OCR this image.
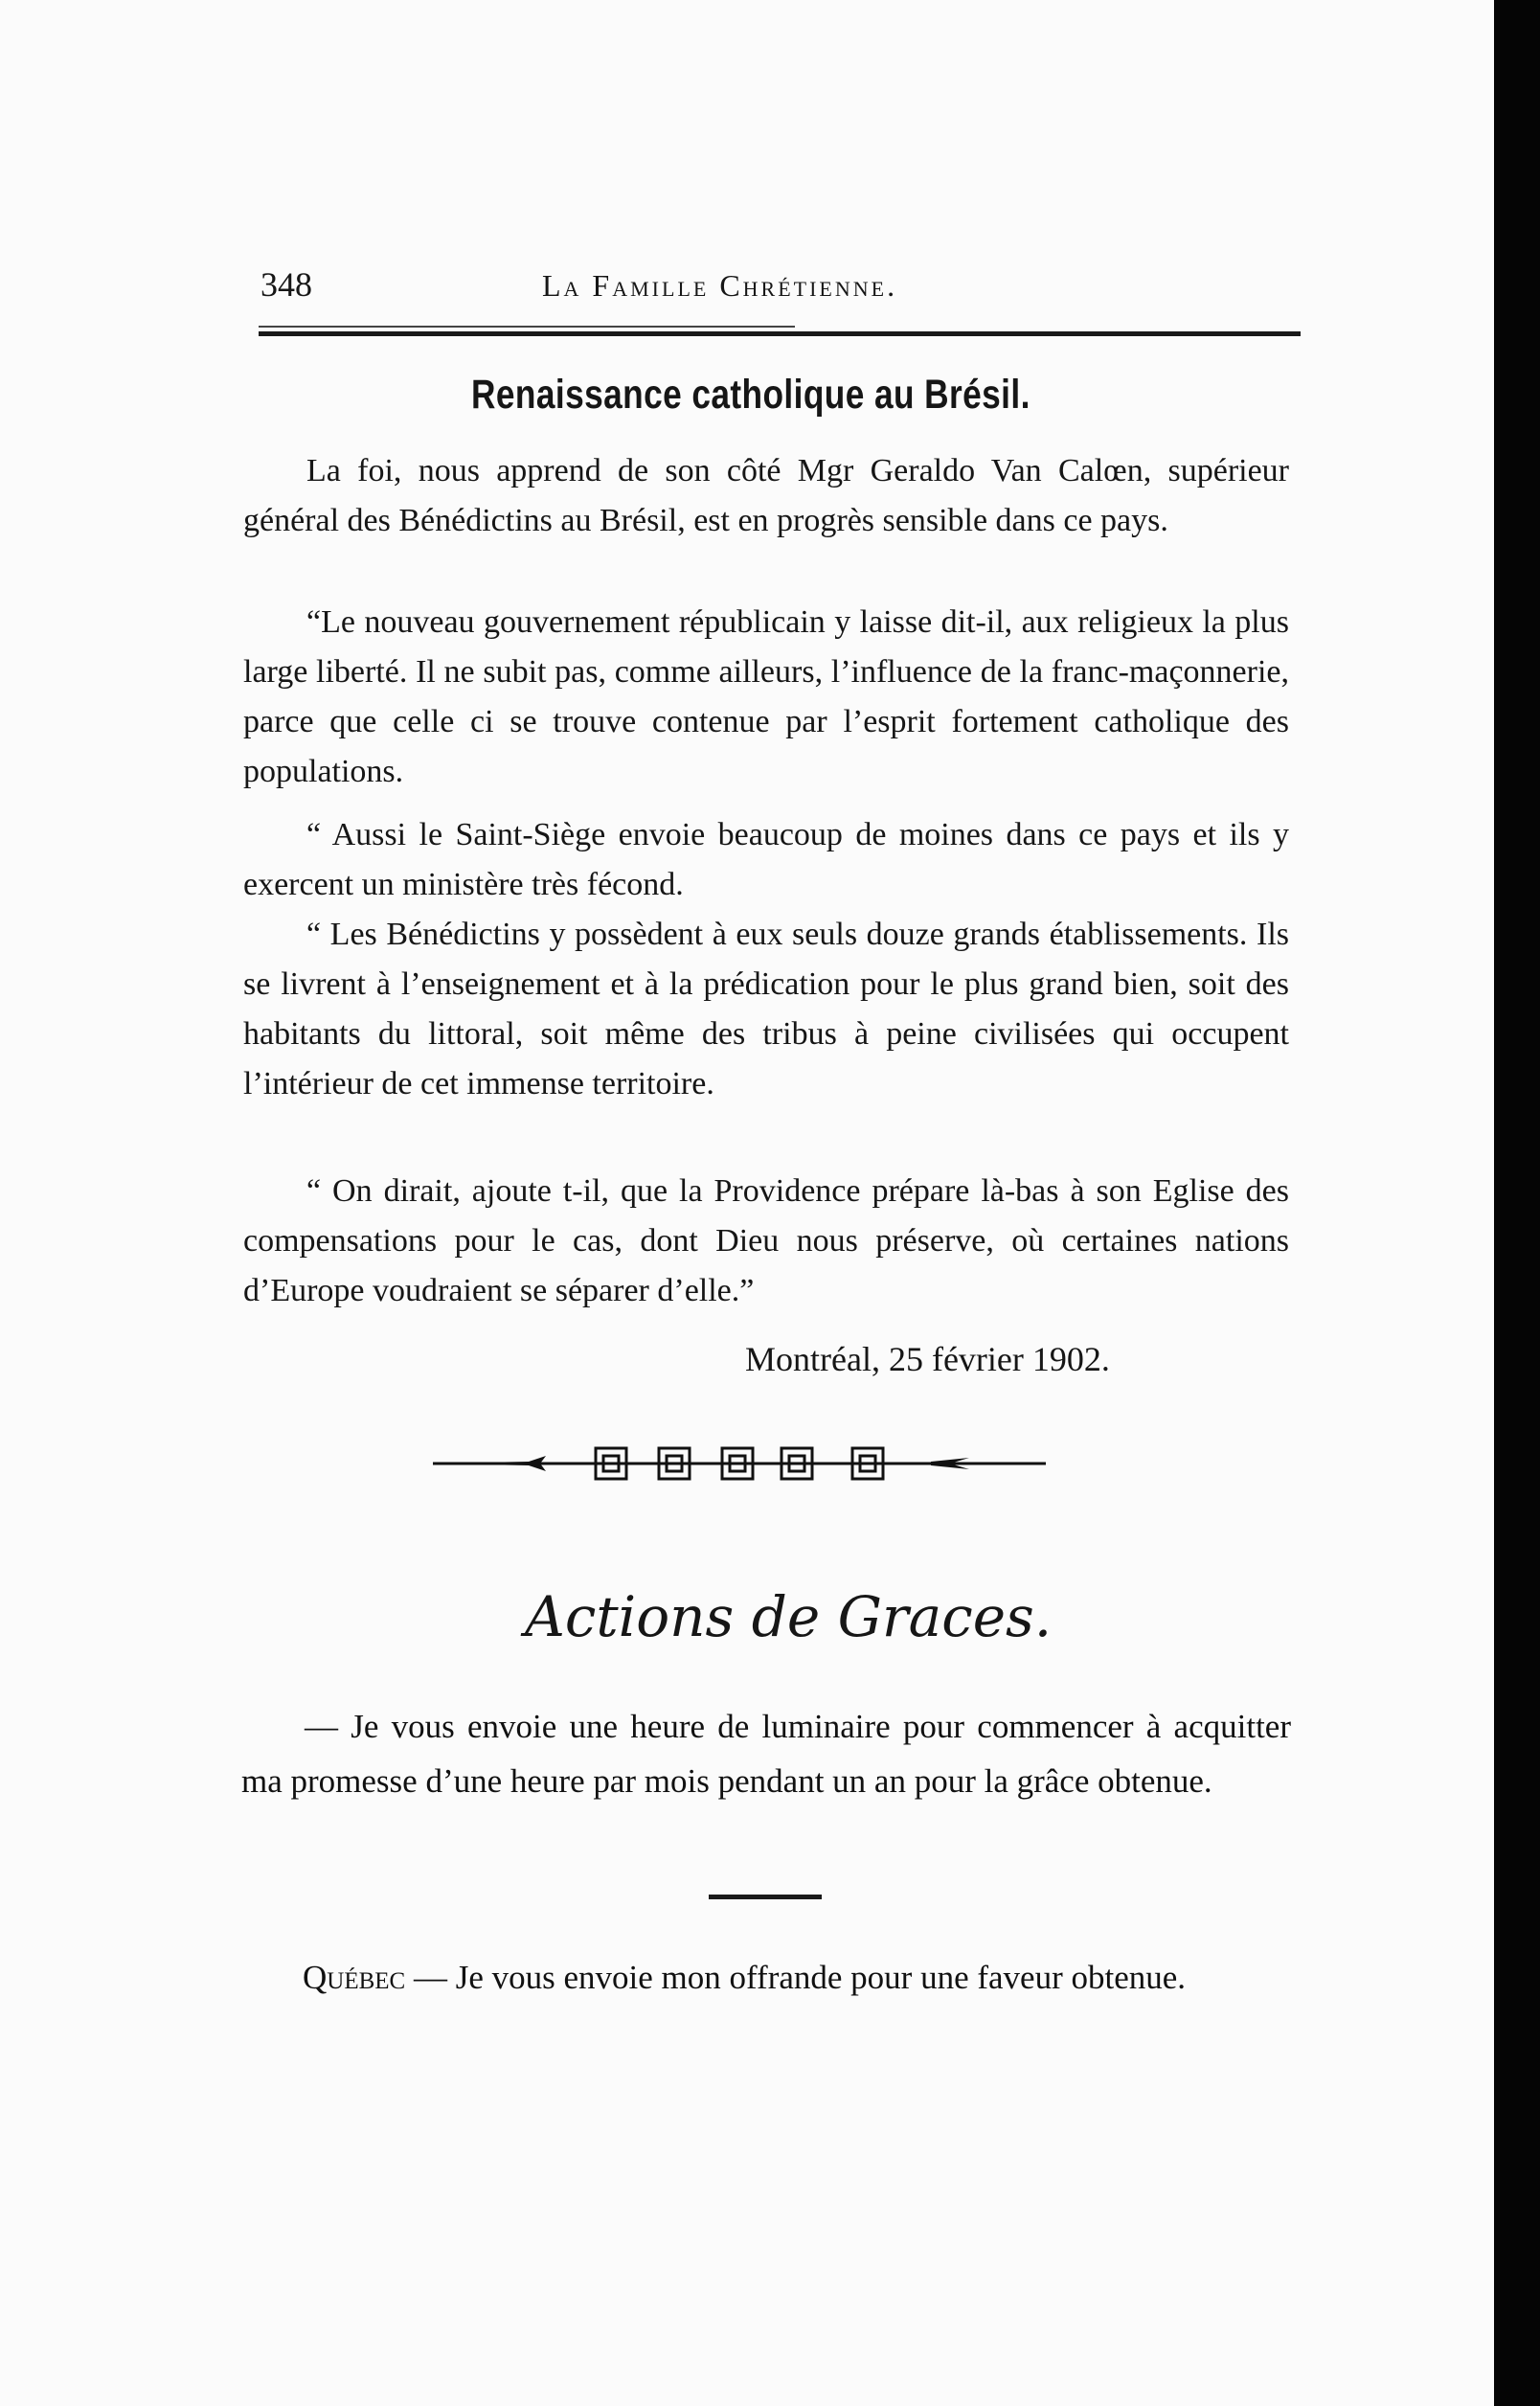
348	La Famille Chrétienne.
Renaissance catholique au Brésil.

La foi, nous apprend de son côté Mgr Geraldo Van Calœn, supérieur général des Bénédictins au Brésil, est en progrès sensible dans ce pays.

“Le nouveau gouvernement républicain y laisse dit-il, aux religieux la plus large liberté. Il ne subit pas, comme ailleurs, l’influence de la franc-maçonnerie, parce que celle ci se trouve contenue par l’esprit fortement catholique des populations.

“ Aussi le Saint-Siège envoie beaucoup de moines dans ce pays et ils y exercent un ministère très fécond.

“ Les Bénédictins y possèdent à eux seuls douze grands établissements. Ils se livrent à l’enseignement et à la prédication pour le plus grand bien, soit des habitants du littoral, soit même des tribus à peine civilisées qui occupent l’intérieur de cet immense territoire.

“ On dirait, ajoute t-il, que la Providence prépare là-bas à son Eglise des compensations pour le cas, dont Dieu nous préserve, où certaines nations d’Europe voudraient se séparer d’elle.”

Montréal, 25 février 1902.
Actions de Graces.

— Je vous envoie une heure de luminaire pour commencer à acquitter ma promesse d’une heure par mois pendant un an pour la grâce obtenue.

Québec — Je vous envoie mon offrande pour une faveur obtenue.
